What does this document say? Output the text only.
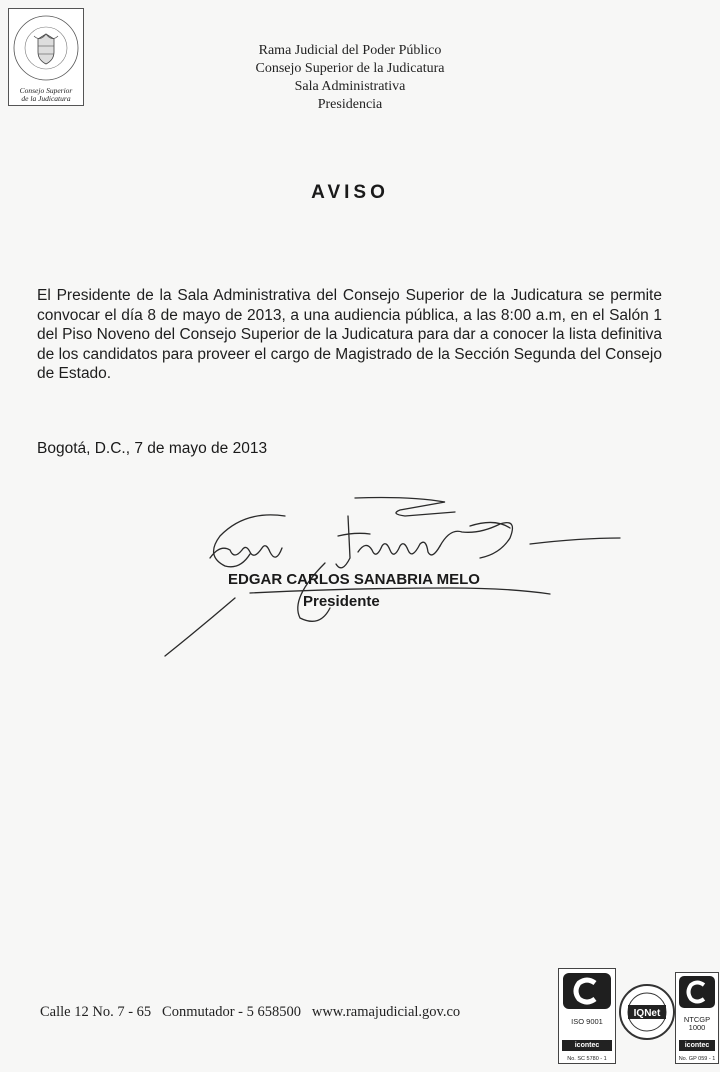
Consejo Superior
de la Judicatura
Rama Judicial del Poder Público
Consejo Superior de la Judicatura
Sala Administrativa
Presidencia
AVISO
El Presidente de la Sala Administrativa del Consejo Superior de la Judicatura se permite convocar el día 8 de mayo de 2013, a una audiencia pública, a las 8:00 a.m, en el Salón 1 del Piso Noveno del Consejo Superior de la Judicatura para dar a conocer la lista definitiva de los candidatos para proveer el cargo de Magistrado de la Sección Segunda del Consejo de Estado.
Bogotá, D.C., 7 de mayo de 2013
EDGAR CARLOS SANABRIA MELO
Presidente
Calle 12 No. 7 - 65   Conmutador - 5 658500   www.ramajudicial.gov.co
ISO 9001
icontec
No. SC 5780 - 1
IQNet
NTCGP
1000
icontec
No. GP 059 - 1
